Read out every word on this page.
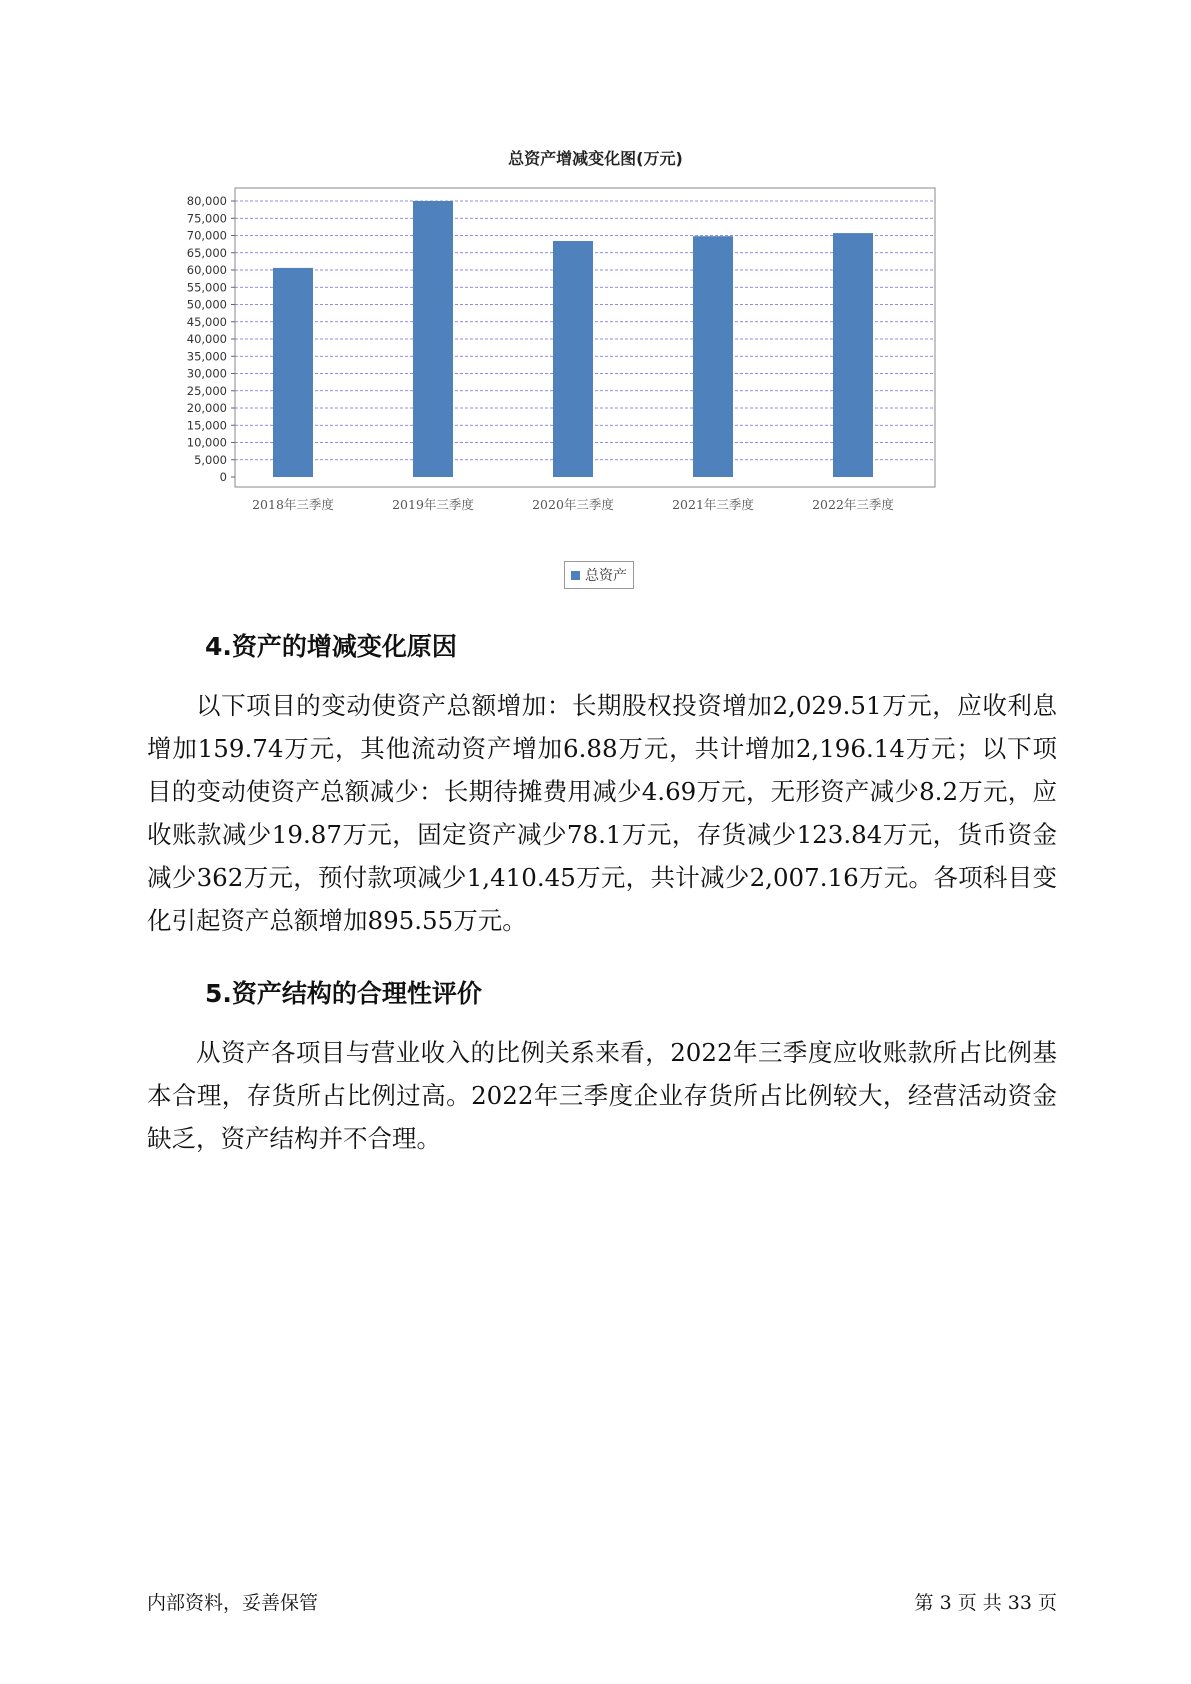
总资产增减变化图(万元)
0
5,000
10,000
15,000
20,000
25,000
30,000
35,000
40,000
45,000
50,000
55,000
60,000
65,000
70,000
75,000
80,000
2018年三季度	2019年三季度	2020年三季度	2021年三季度	2022年三季度
总资产
4.资产的增减变化原因
以下项目的变动使资产总额增加：长期股权投资增加2,029.51万元，应收利息增加159.74万元，其他流动资产增加6.88万元，共计增加2,196.14万元；以下项目的变动使资产总额减少：长期待摊费用减少4.69万元，无形资产减少8.2万元，应收账款减少19.87万元，固定资产减少78.1万元，存货减少123.84万元，货币资金减少362万元，预付款项减少1,410.45万元，共计减少2,007.16万元。各项科目变化引起资产总额增加895.55万元。
5.资产结构的合理性评价
从资产各项目与营业收入的比例关系来看，2022年三季度应收账款所占比例基本合理，存货所占比例过高。2022年三季度企业存货所占比例较大，经营活动资金缺乏，资产结构并不合理。
内部资料，妥善保管	第 3 页 共 33 页
